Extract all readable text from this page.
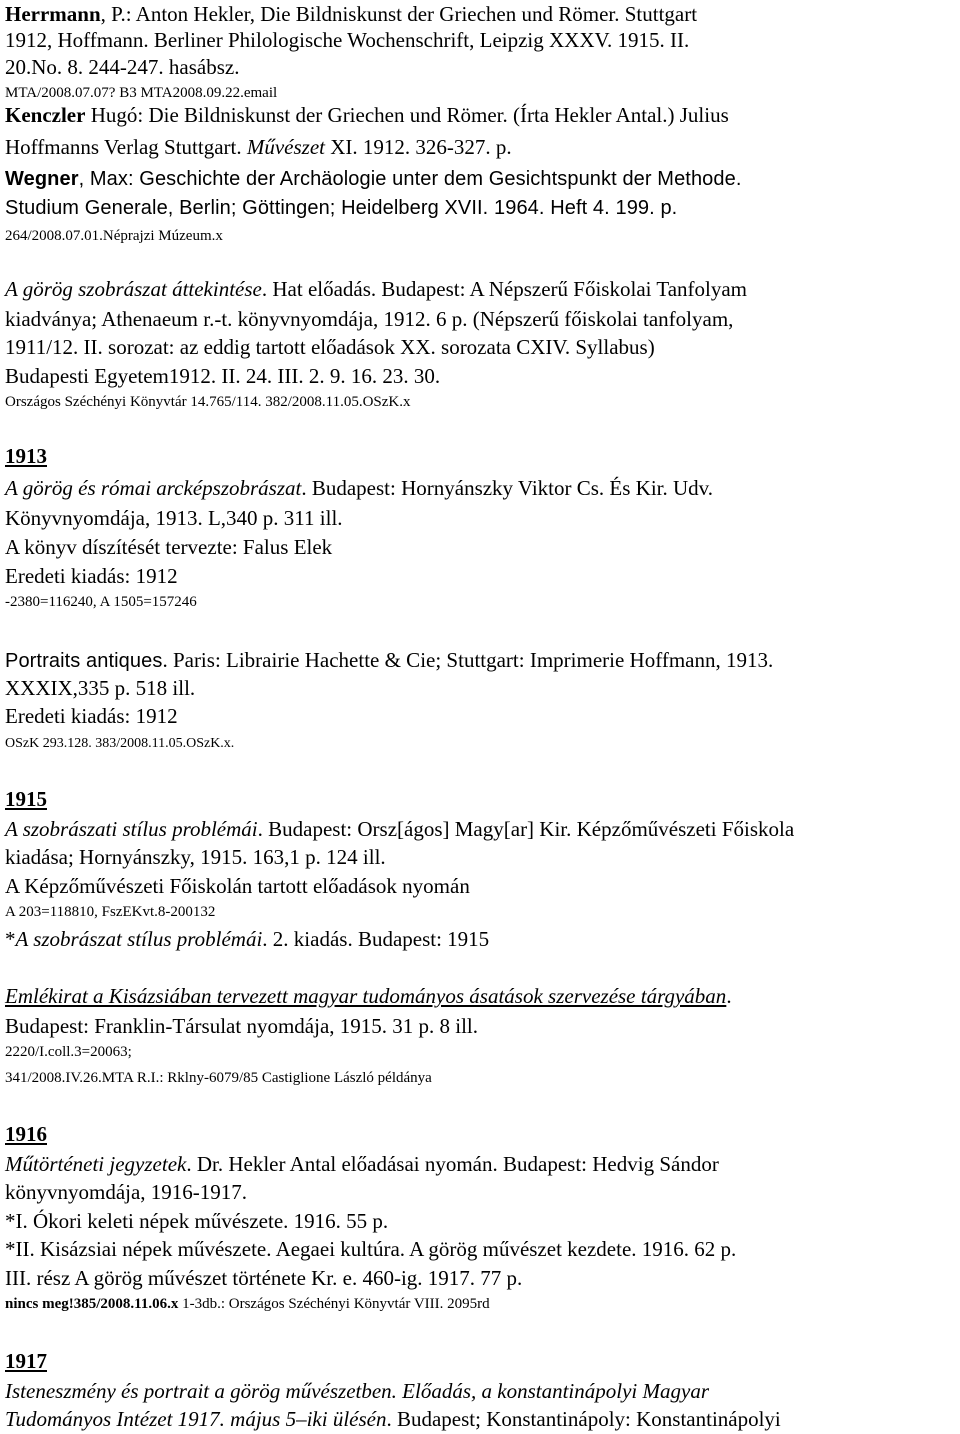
Herrmann, P.: Anton Hekler, Die Bildniskunst der Griechen und Römer. Stuttgart
1912, Hoffmann. Berliner Philologische Wochenschrift, Leipzig XXXV. 1915. II.
20.No. 8. 244-247. hasábsz.
MTA/2008.07.07? B3 MTA2008.09.22.email
Kenczler Hugó: Die Bildniskunst der Griechen und Römer. (Írta Hekler Antal.) Julius
Hoffmanns Verlag Stuttgart. Művészet XI. 1912. 326-327. p.
Wegner, Max: Geschichte der Archäologie unter dem Gesichtspunkt der Methode.
Studium Generale, Berlin; Göttingen; Heidelberg XVII. 1964. Heft 4. 199. p.
264/2008.07.01.Néprajzi Múzeum.x
A görög szobrászat áttekintése. Hat előadás. Budapest: A Népszerű Főiskolai Tanfolyam
kiadványa; Athenaeum r.-t. könyvnyomdája, 1912. 6 p. (Népszerű főiskolai tanfolyam,
1911/12. II. sorozat: az eddig tartott előadások XX. sorozata CXIV. Syllabus)
Budapesti Egyetem1912. II. 24. III. 2. 9. 16. 23. 30.
Országos Széchényi Könyvtár 14.765/114. 382/2008.11.05.OSzK.x
1913
A görög és római arcképszobrászat. Budapest: Hornyánszky Viktor Cs. És Kir. Udv.
Könyvnyomdája, 1913. L,340 p. 311 ill.
A könyv díszítését tervezte: Falus Elek
Eredeti kiadás: 1912
-2380=116240, A 1505=157246
Portraits antiques. Paris: Librairie Hachette & Cie; Stuttgart: Imprimerie Hoffmann, 1913.
XXXIX,335 p. 518 ill.
Eredeti kiadás: 1912
OSzK 293.128. 383/2008.11.05.OSzK.x.
1915
A szobrászati stílus problémái. Budapest: Orsz[ágos] Magy[ar] Kir. Képzőművészeti Főiskola
kiadása; Hornyánszky, 1915. 163,1 p. 124 ill.
A Képzőművészeti Főiskolán tartott előadások nyomán
A 203=118810, FszEKvt.8-200132
*A szobrászat stílus problémái. 2. kiadás. Budapest: 1915
Emlékirat a Kisázsiában tervezett magyar tudományos ásatások szervezése tárgyában.
Budapest: Franklin-Társulat nyomdája, 1915. 31 p. 8 ill.
2220/I.coll.3=20063;
341/2008.IV.26.MTA R.I.: Rklny-6079/85 Castiglione László példánya
1916
Műtörténeti jegyzetek. Dr. Hekler Antal előadásai nyomán. Budapest: Hedvig Sándor
könyvnyomdája, 1916-1917.
*I. Ókori keleti népek művészete. 1916. 55 p.
*II. Kisázsiai népek művészete. Aegaei kultúra. A görög művészet kezdete. 1916. 62 p.
III. rész A görög művészet története Kr. e. 460-ig. 1917. 77 p.
nincs meg!385/2008.11.06.x 1-3db.: Országos Széchényi Könyvtár VIII. 2095rd
1917
Isteneszmény és portrait a görög művészetben. Előadás, a konstantinápolyi Magyar
Tudományos Intézet 1917. május 5–iki ülésén. Budapest; Konstantinápoly: Konstantinápolyi
